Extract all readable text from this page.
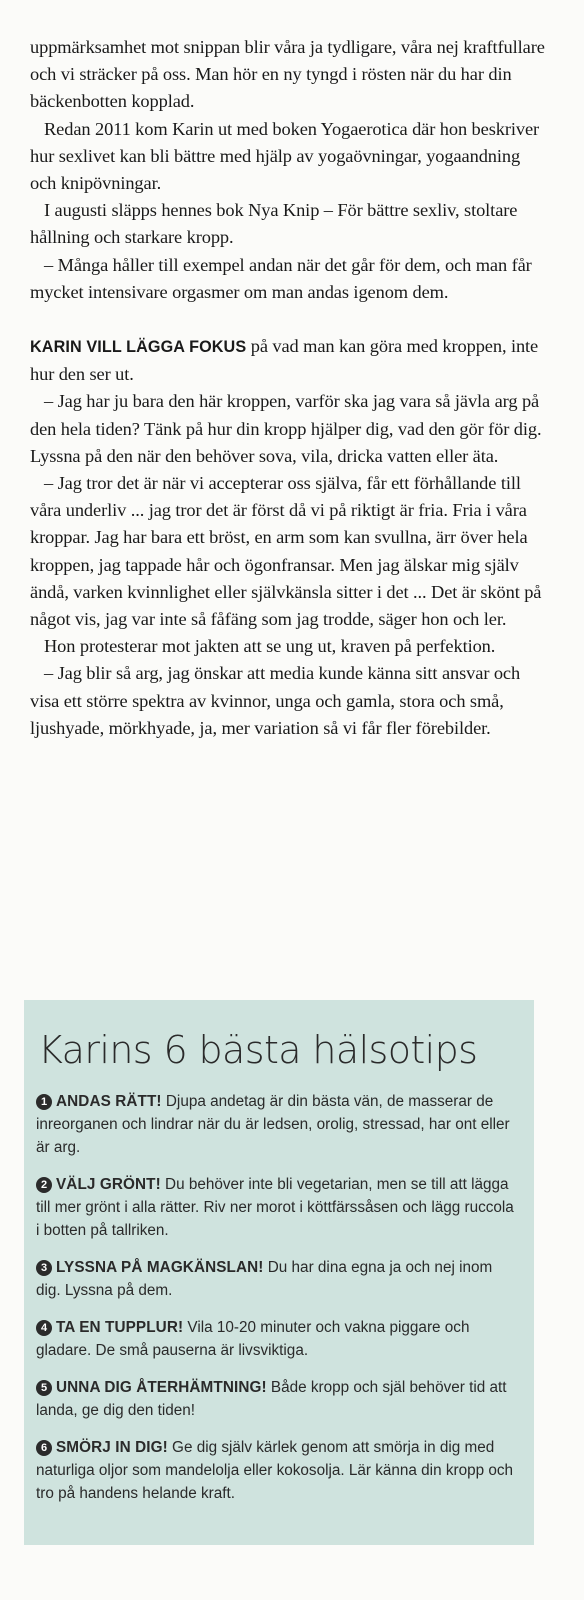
uppmärksamhet mot snippan blir våra ja tydligare, våra nej kraftfullare och vi sträcker på oss. Man hör en ny tyngd i rösten när du har din bäckenbotten kopplad.

Redan 2011 kom Karin ut med boken Yogaerotica där hon beskriver hur sexlivet kan bli bättre med hjälp av yogaövningar, yogaandning och knipövningar.

I augusti släpps hennes bok Nya Knip – För bättre sexliv, stoltare hållning och starkare kropp.

– Många håller till exempel andan när det går för dem, och man får mycket intensivare orgasmer om man andas igenom dem.

KARIN VILL LÄGGA FOKUS på vad man kan göra med kroppen, inte hur den ser ut.

– Jag har ju bara den här kroppen, varför ska jag vara så jävla arg på den hela tiden? Tänk på hur din kropp hjälper dig, vad den gör för dig. Lyssna på den när den behöver sova, vila, dricka vatten eller äta.

– Jag tror det är när vi accepterar oss själva, får ett förhållande till våra underliv ... jag tror det är först då vi på riktigt är fria. Fria i våra kroppar. Jag har bara ett bröst, en arm som kan svullna, ärr över hela kroppen, jag tappade hår och ögonfransar. Men jag älskar mig själv ändå, varken kvinnlighet eller självkänsla sitter i det ... Det är skönt på något vis, jag var inte så fåfäng som jag trodde, säger hon och ler.

Hon protesterar mot jakten att se ung ut, kraven på perfektion.

– Jag blir så arg, jag önskar att media kunde känna sitt ansvar och visa ett större spektra av kvinnor, unga och gamla, stora och små, ljushyade, mörkhyade, ja, mer variation så vi får fler förebilder.

Karins 6 bästa hälsotips
1 ANDAS RÄTT! Djupa andetag är din bästa vän, de masserar de inreorganen och lindrar när du är ledsen, orolig, stressad, har ont eller är arg.
2 VÄLJ GRÖNT! Du behöver inte bli vegetarian, men se till att lägga till mer grönt i alla rätter. Riv ner morot i köttfärssåsen och lägg ruccola i botten på tallriken.
3 LYSSNA PÅ MAGKÄNSLAN! Du har dina egna ja och nej inom dig. Lyssna på dem.
4 TA EN TUPPLUR! Vila 10-20 minuter och vakna piggare och gladare. De små pauserna är livsviktiga.
5 UNNA DIG ÅTERHÄMTNING! Både kropp och själ behöver tid att landa, ge dig den tiden!
6 SMÖRJ IN DIG! Ge dig själv kärlek genom att smörja in dig med naturliga oljor som mandelolja eller kokosolja. Lär känna din kropp och tro på handens helande kraft.
